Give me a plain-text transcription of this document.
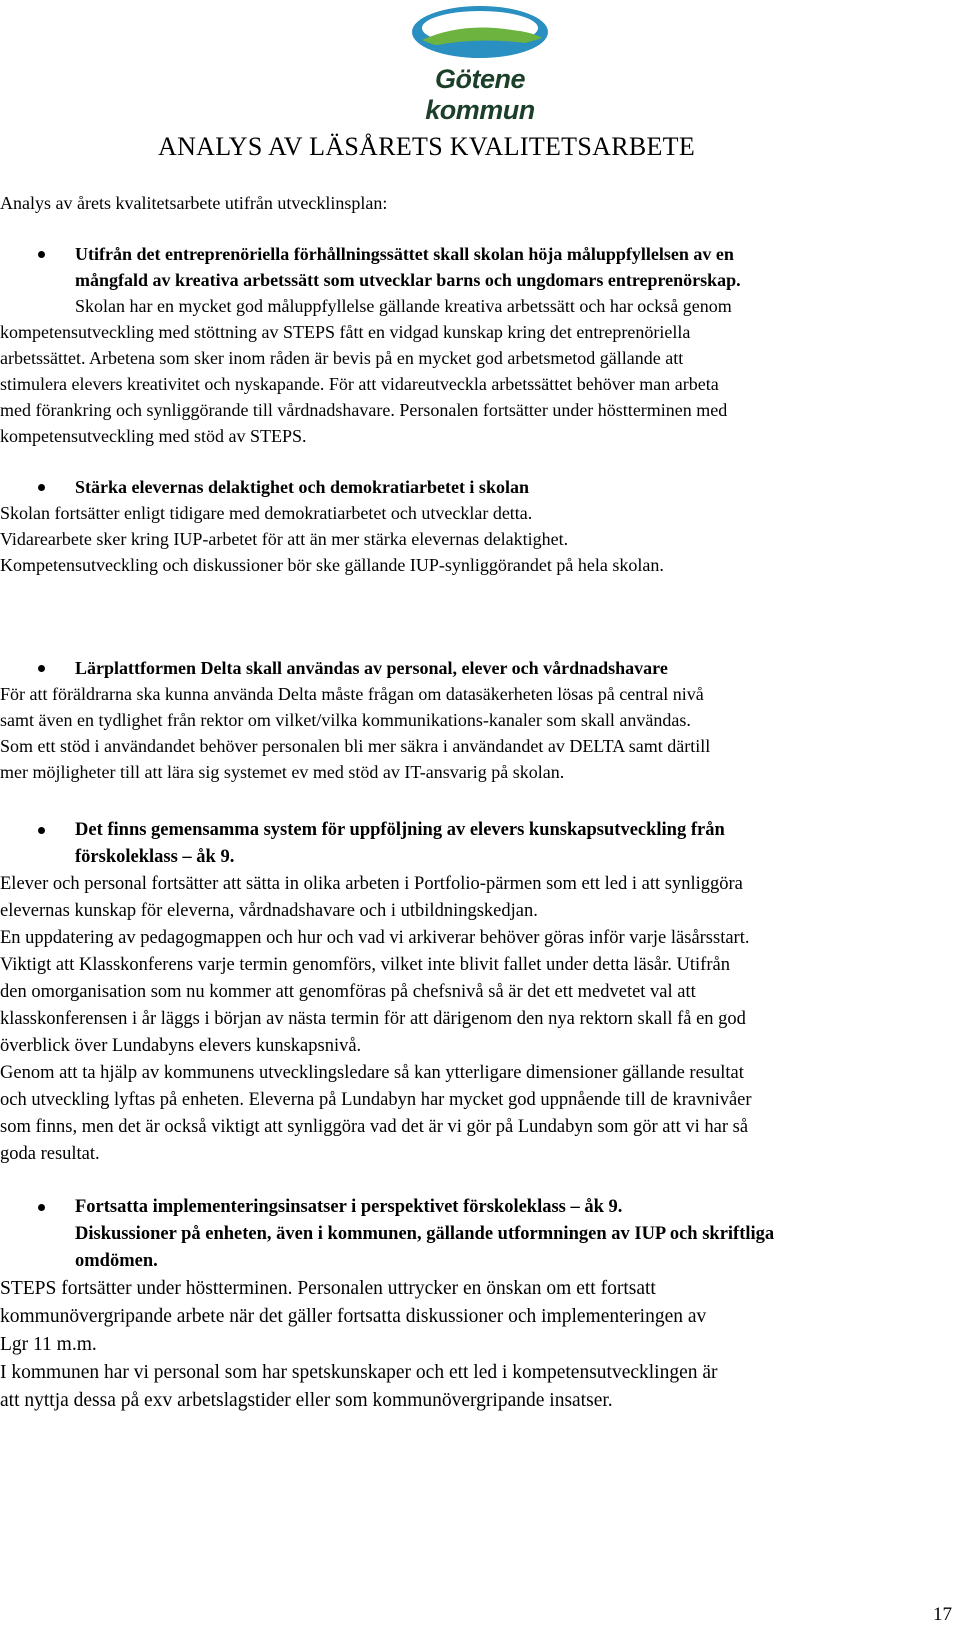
Götene kommun
ANALYS AV LÄSÅRETS KVALITETSARBETE

Analys av årets kvalitetsarbete utifrån utvecklinsplan:

Utifrån det entreprenöriella förhållningssättet skall skolan höja måluppfyllelsen av en
mångfald av kreativa arbetssätt som utvecklar barns och ungdomars entreprenörskap.
Skolan har en mycket god måluppfyllelse gällande kreativa arbetssätt och har också genom
kompetensutveckling med stöttning av STEPS fått en vidgad kunskap kring det entreprenöriella
arbetssättet. Arbetena som sker inom råden är bevis på en mycket god arbetsmetod gällande att
stimulera elevers kreativitet och nyskapande. För att vidareutveckla arbetssättet behöver man arbeta
med förankring och synliggörande till vårdnadshavare. Personalen fortsätter under höstterminen med
kompetensutveckling med stöd av STEPS.
Stärka elevernas delaktighet och demokratiarbetet i skolan
Skolan fortsätter enligt tidigare med demokratiarbetet och utvecklar detta.
Vidarearbete sker kring IUP-arbetet för att än mer stärka elevernas delaktighet.
Kompetensutveckling och diskussioner bör ske gällande IUP-synliggörandet på hela skolan.
Lärplattformen Delta skall användas av personal, elever och vårdnadshavare
För att föräldrarna ska kunna använda Delta måste frågan om datasäkerheten lösas på central nivå
samt även en tydlighet från rektor om vilket/vilka kommunikations-kanaler som skall användas.
Som ett stöd i användandet behöver personalen bli mer säkra i användandet av DELTA samt därtill
mer möjligheter till att lära sig systemet ev med stöd av IT-ansvarig på skolan.
Det finns gemensamma system för uppföljning av elevers kunskapsutveckling från
förskoleklass – åk 9.
Elever och personal fortsätter att sätta in olika arbeten i Portfolio-pärmen som ett led i att synliggöra
elevernas kunskap för eleverna, vårdnadshavare och i utbildningskedjan.
En uppdatering av pedagogmappen och hur och vad vi arkiverar behöver göras inför varje läsårsstart.
Viktigt att Klasskonferens varje termin genomförs, vilket inte blivit fallet under detta läsår. Utifrån
den omorganisation som nu kommer att genomföras på chefsnivå så är det ett medvetet val att
klasskonferensen i år läggs i början av nästa termin för att därigenom den nya rektorn skall få en god
överblick över Lundabyns elevers kunskapsnivå.
Genom att ta hjälp av kommunens utvecklingsledare så kan ytterligare dimensioner gällande resultat
och utveckling lyftas på enheten. Eleverna på Lundabyn har mycket god uppnående till de kravnivåer
som finns, men det är också viktigt att synliggöra vad det är vi gör på Lundabyn som gör att vi har så
goda resultat.
Fortsatta implementeringsinsatser i perspektivet förskoleklass – åk 9.
Diskussioner på enheten, även i kommunen, gällande utformningen av IUP och skriftliga
omdömen.
STEPS fortsätter under höstterminen. Personalen uttrycker en önskan om ett fortsatt
kommunövergripande arbete när det gäller fortsatta diskussioner och implementeringen av
Lgr 11 m.m.
I kommunen har vi personal som har spetskunskaper och ett led i kompetensutvecklingen är
att nyttja dessa på exv arbetslagstider eller som kommunövergripande insatser.
17
